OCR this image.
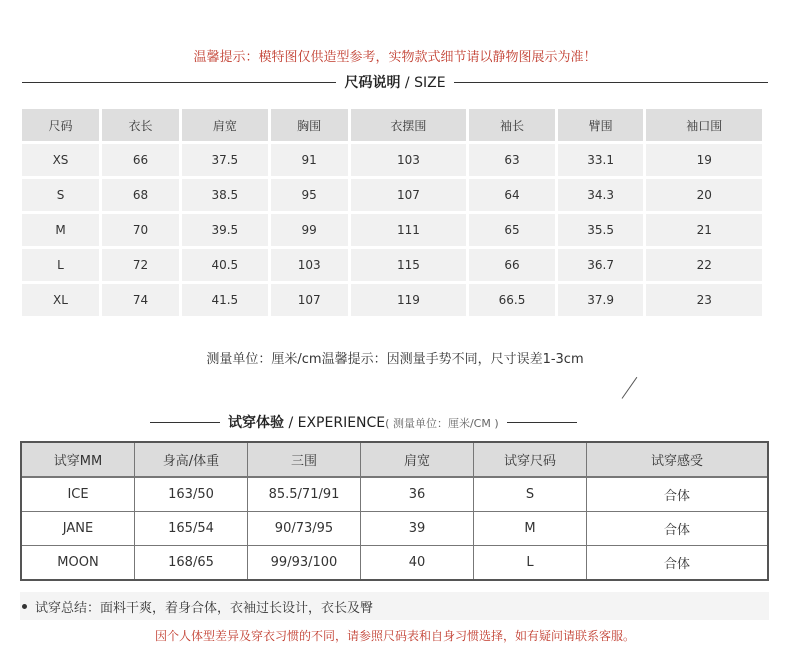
温馨提示：模特图仅供造型参考，实物款式细节请以静物图展示为准！
尺码说明 / SIZE
尺码	衣长	肩宽	胸围	衣摆围	袖长	臂围	袖口围
XS	66	37.5	91	103	63	33.1	19
S	68	38.5	95	107	64	34.3	20
M	70	39.5	99	111	65	35.5	21
L	72	40.5	103	115	66	36.7	22
XL	74	41.5	107	119	66.5	37.9	23
测量单位：厘米/cm温馨提示：因测量手势不同，尺寸误差1-3cm
试穿体验 / EXPERIENCE( 测量单位：厘米/CM )
试穿MM	身高/体重	三围	肩宽	试穿尺码	试穿感受
ICE	163/50	85.5/71/91	36	S	合体
JANE	165/54	90/73/95	39	M	合体
MOON	168/65	99/93/100	40	L	合体
试穿总结：面料干爽，着身合体，衣袖过长设计，衣长及臀
因个人体型差异及穿衣习惯的不同，请参照尺码表和自身习惯选择，如有疑问请联系客服。
